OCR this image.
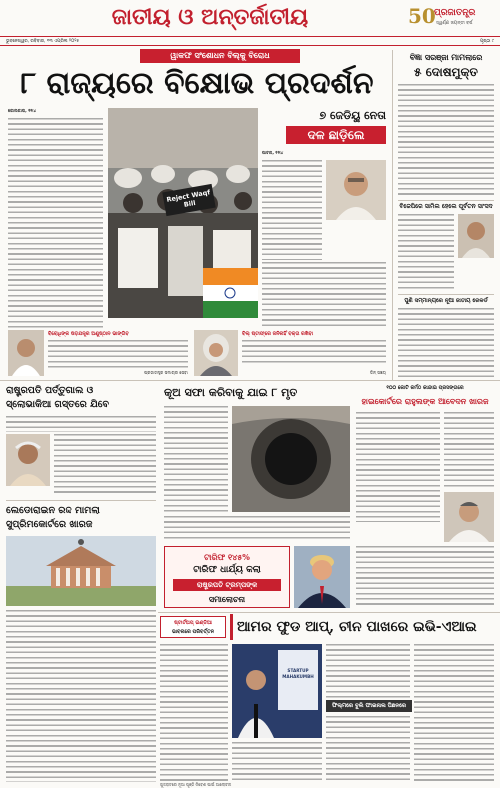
ଜାତୀୟ ଓ ଅନ୍ତର୍ଜାତୀୟ	50
ପ୍ରଜାତନ୍ତ୍ର
ସ୍ୱର୍ଣ୍ଣ ଜୟନ୍ତୀ ବର୍ଷ
ଭୁବନେଶ୍ୱର, ରବିବାର, ୧୩ ଏପ୍ରିଲ ୨୦୨୫	ପୃଷ୍ଠା ୯
ୱାକଫ ସଂଶୋଧନ ବିଲ୍‌କୁ ବିରୋଧ
୮ ରାଜ୍ୟରେ ବିକ୍ଷୋଭ ପ୍ରଦର୍ଶନ
କୋଲକାତା, ୧୨ା୪
Reject Waqf Bill
୭ ଜେଡିୟୁ ନେତା
ଦଳ ଛାଡ଼ିଲେ
ପାଟନା, ୧୨ା୪
ବିରୋଧିଙ୍କ ଷଡ଼ଯନ୍ତ୍ର ଅଣୁଷ୍ଠାନ ଭାଙ୍ଗିବ
ପ୍ରଜାତନ୍ତ୍ର ସମାଚାର ସେବା
ବିଲ୍ ଷ୍ଟାଫ୍‌ରେ ଜନିନାହିଁ ବକ୍ତା ରଖିବା
ଡିନ୍ ସଞ୍ଚୟ
ବିଜ୍ଞା ସରଞ୍ଜା ମାମଲାରେ
୫ ଦୋଷମୁକ୍ତ
ବିଜେପିରେ ସାମିଲ ହେଲେ ପୂର୍ବତନ ସାଂସଦ
ପୁଣି ସମ୍ମାନ୍ୟରେ ନୂଆ ଜାତୀୟ ରେକର୍ଡ
ରାଷ୍ଟ୍ରପତି ପର୍ତ୍ତୁଗାଲ ଓ
ସ୍ଲୋଭାକିଆ ଗସ୍ତରେ ଯିବେ
ଲେଡୋରାଇନ ରଦ୍ଦ ମାମଲା
ସୁପ୍ରିମକୋର୍ଟରେ ଖାରଜ
କୂଅ ସଫା କରିବାକୁ ଯାଇ ୮ ମୃତ
ଟାରିଫ ୧୪୫%
ଟାରିଫ ଧାର୍ଯ୍ୟ କଲା
ରାଷ୍ଟ୍ରପତି ଟ୍ରମ୍ପଙ୍କ
ସମାଲୋଚନା
୧୦୦ କୋଟି କର୍ମଠ କାନ୍ଦାଇ ପ୍ରସଙ୍ଗରେ
ହାଇକୋର୍ଟରେ ରାହୁଲଙ୍କ ଆବେଦନ ଖାରଜ
ଷ୍ଟାର୍ଟଅପ୍ ଇଣ୍ଡିଆ
ଭାବନାରେ ପରିବର୍ତ୍ତନ	ଆମର ଫୁଡ ଆପ୍, ଚୀନ ପାଖରେ ଇଭି-ଏଆଇ
STARTUP MAHAKUMBH
ଫିଲ୍ମରେ ବୁଲି ଫାଇନାଲ ପିଛନରେ
ଗୁଜରାଟରେ ନୂଆ ପୂଞ୍ଜି ନିବେଶ ପାଇଁ ଆଲୋଚନା
